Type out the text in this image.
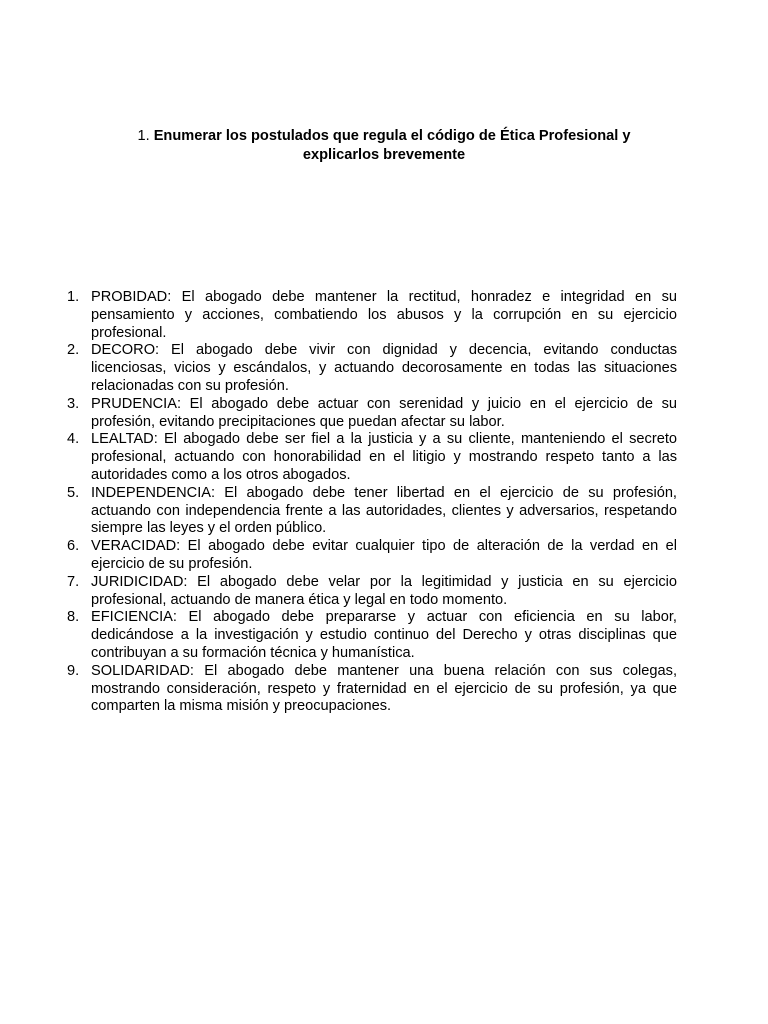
1. Enumerar los postulados que regula el código de Ética Profesional y explicarlos brevemente
1. PROBIDAD: El abogado debe mantener la rectitud, honradez e integridad en su pensamiento y acciones, combatiendo los abusos y la corrupción en su ejercicio profesional.
2. DECORO: El abogado debe vivir con dignidad y decencia, evitando conductas licenciosas, vicios y escándalos, y actuando decorosamente en todas las situaciones relacionadas con su profesión.
3. PRUDENCIA: El abogado debe actuar con serenidad y juicio en el ejercicio de su profesión, evitando precipitaciones que puedan afectar su labor.
4. LEALTAD: El abogado debe ser fiel a la justicia y a su cliente, manteniendo el secreto profesional, actuando con honorabilidad en el litigio y mostrando respeto tanto a las autoridades como a los otros abogados.
5. INDEPENDENCIA: El abogado debe tener libertad en el ejercicio de su profesión, actuando con independencia frente a las autoridades, clientes y adversarios, respetando siempre las leyes y el orden público.
6. VERACIDAD: El abogado debe evitar cualquier tipo de alteración de la verdad en el ejercicio de su profesión.
7. JURIDICIDAD: El abogado debe velar por la legitimidad y justicia en su ejercicio profesional, actuando de manera ética y legal en todo momento.
8. EFICIENCIA: El abogado debe prepararse y actuar con eficiencia en su labor, dedicándose a la investigación y estudio continuo del Derecho y otras disciplinas que contribuyan a su formación técnica y humanística.
9. SOLIDARIDAD: El abogado debe mantener una buena relación con sus colegas, mostrando consideración, respeto y fraternidad en el ejercicio de su profesión, ya que comparten la misma misión y preocupaciones.
